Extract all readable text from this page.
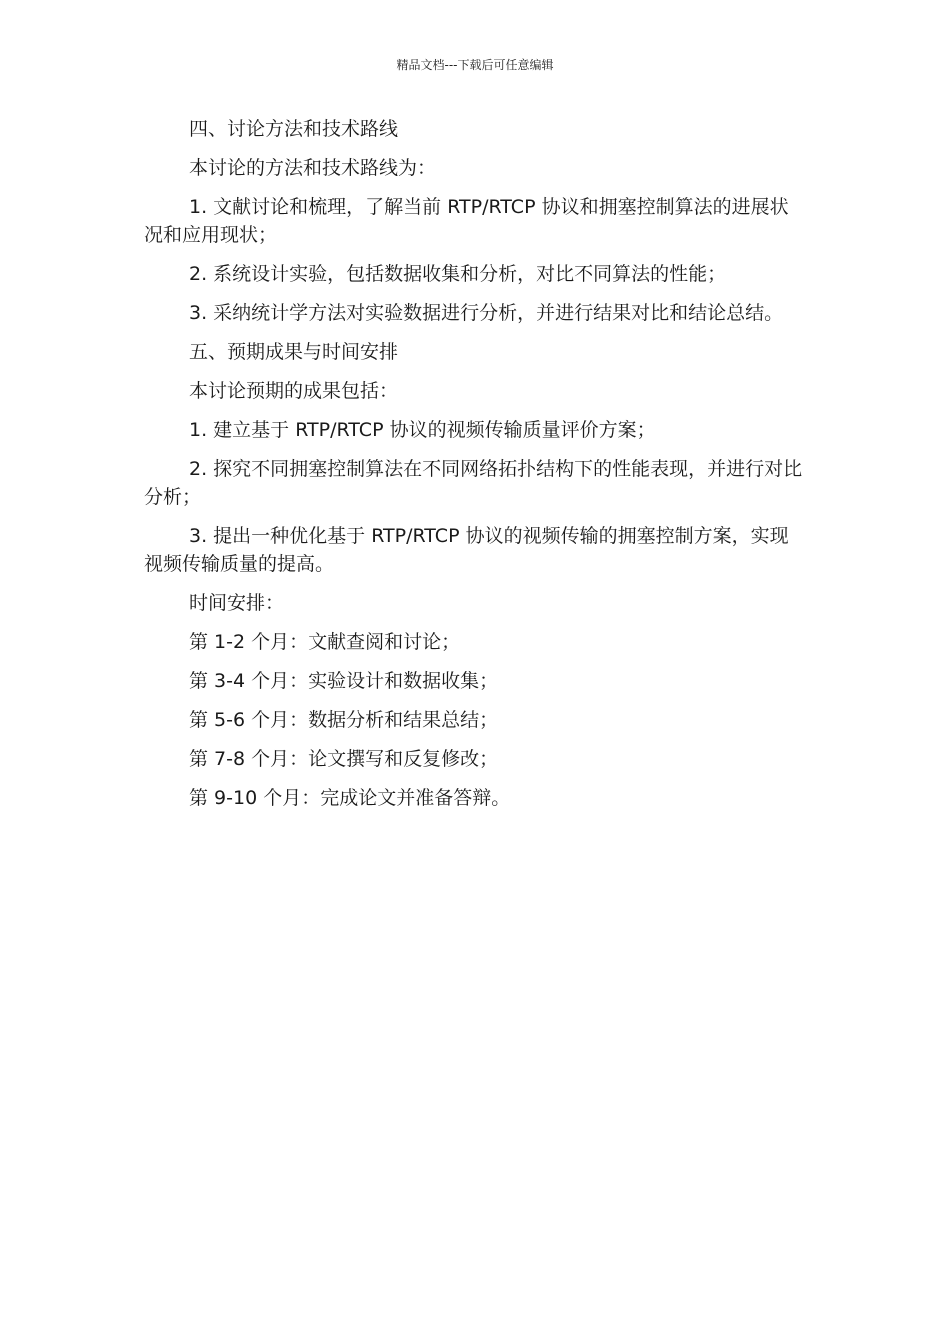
精品文档---下载后可任意编辑

四、讨论方法和技术路线

本讨论的方法和技术路线为：

1. 文献讨论和梳理，了解当前 RTP/RTCP 协议和拥塞控制算法的进展状况和应用现状；

2. 系统设计实验，包括数据收集和分析，对比不同算法的性能；

3. 采纳统计学方法对实验数据进行分析，并进行结果对比和结论总结。

五、预期成果与时间安排

本讨论预期的成果包括：

1. 建立基于 RTP/RTCP 协议的视频传输质量评价方案；

2. 探究不同拥塞控制算法在不同网络拓扑结构下的性能表现，并进行对比分析；

3. 提出一种优化基于 RTP/RTCP 协议的视频传输的拥塞控制方案，实现视频传输质量的提高。

时间安排：

第 1-2 个月：文献查阅和讨论；

第 3-4 个月：实验设计和数据收集；

第 5-6 个月：数据分析和结果总结；

第 7-8 个月：论文撰写和反复修改；

第 9-10 个月：完成论文并准备答辩。
